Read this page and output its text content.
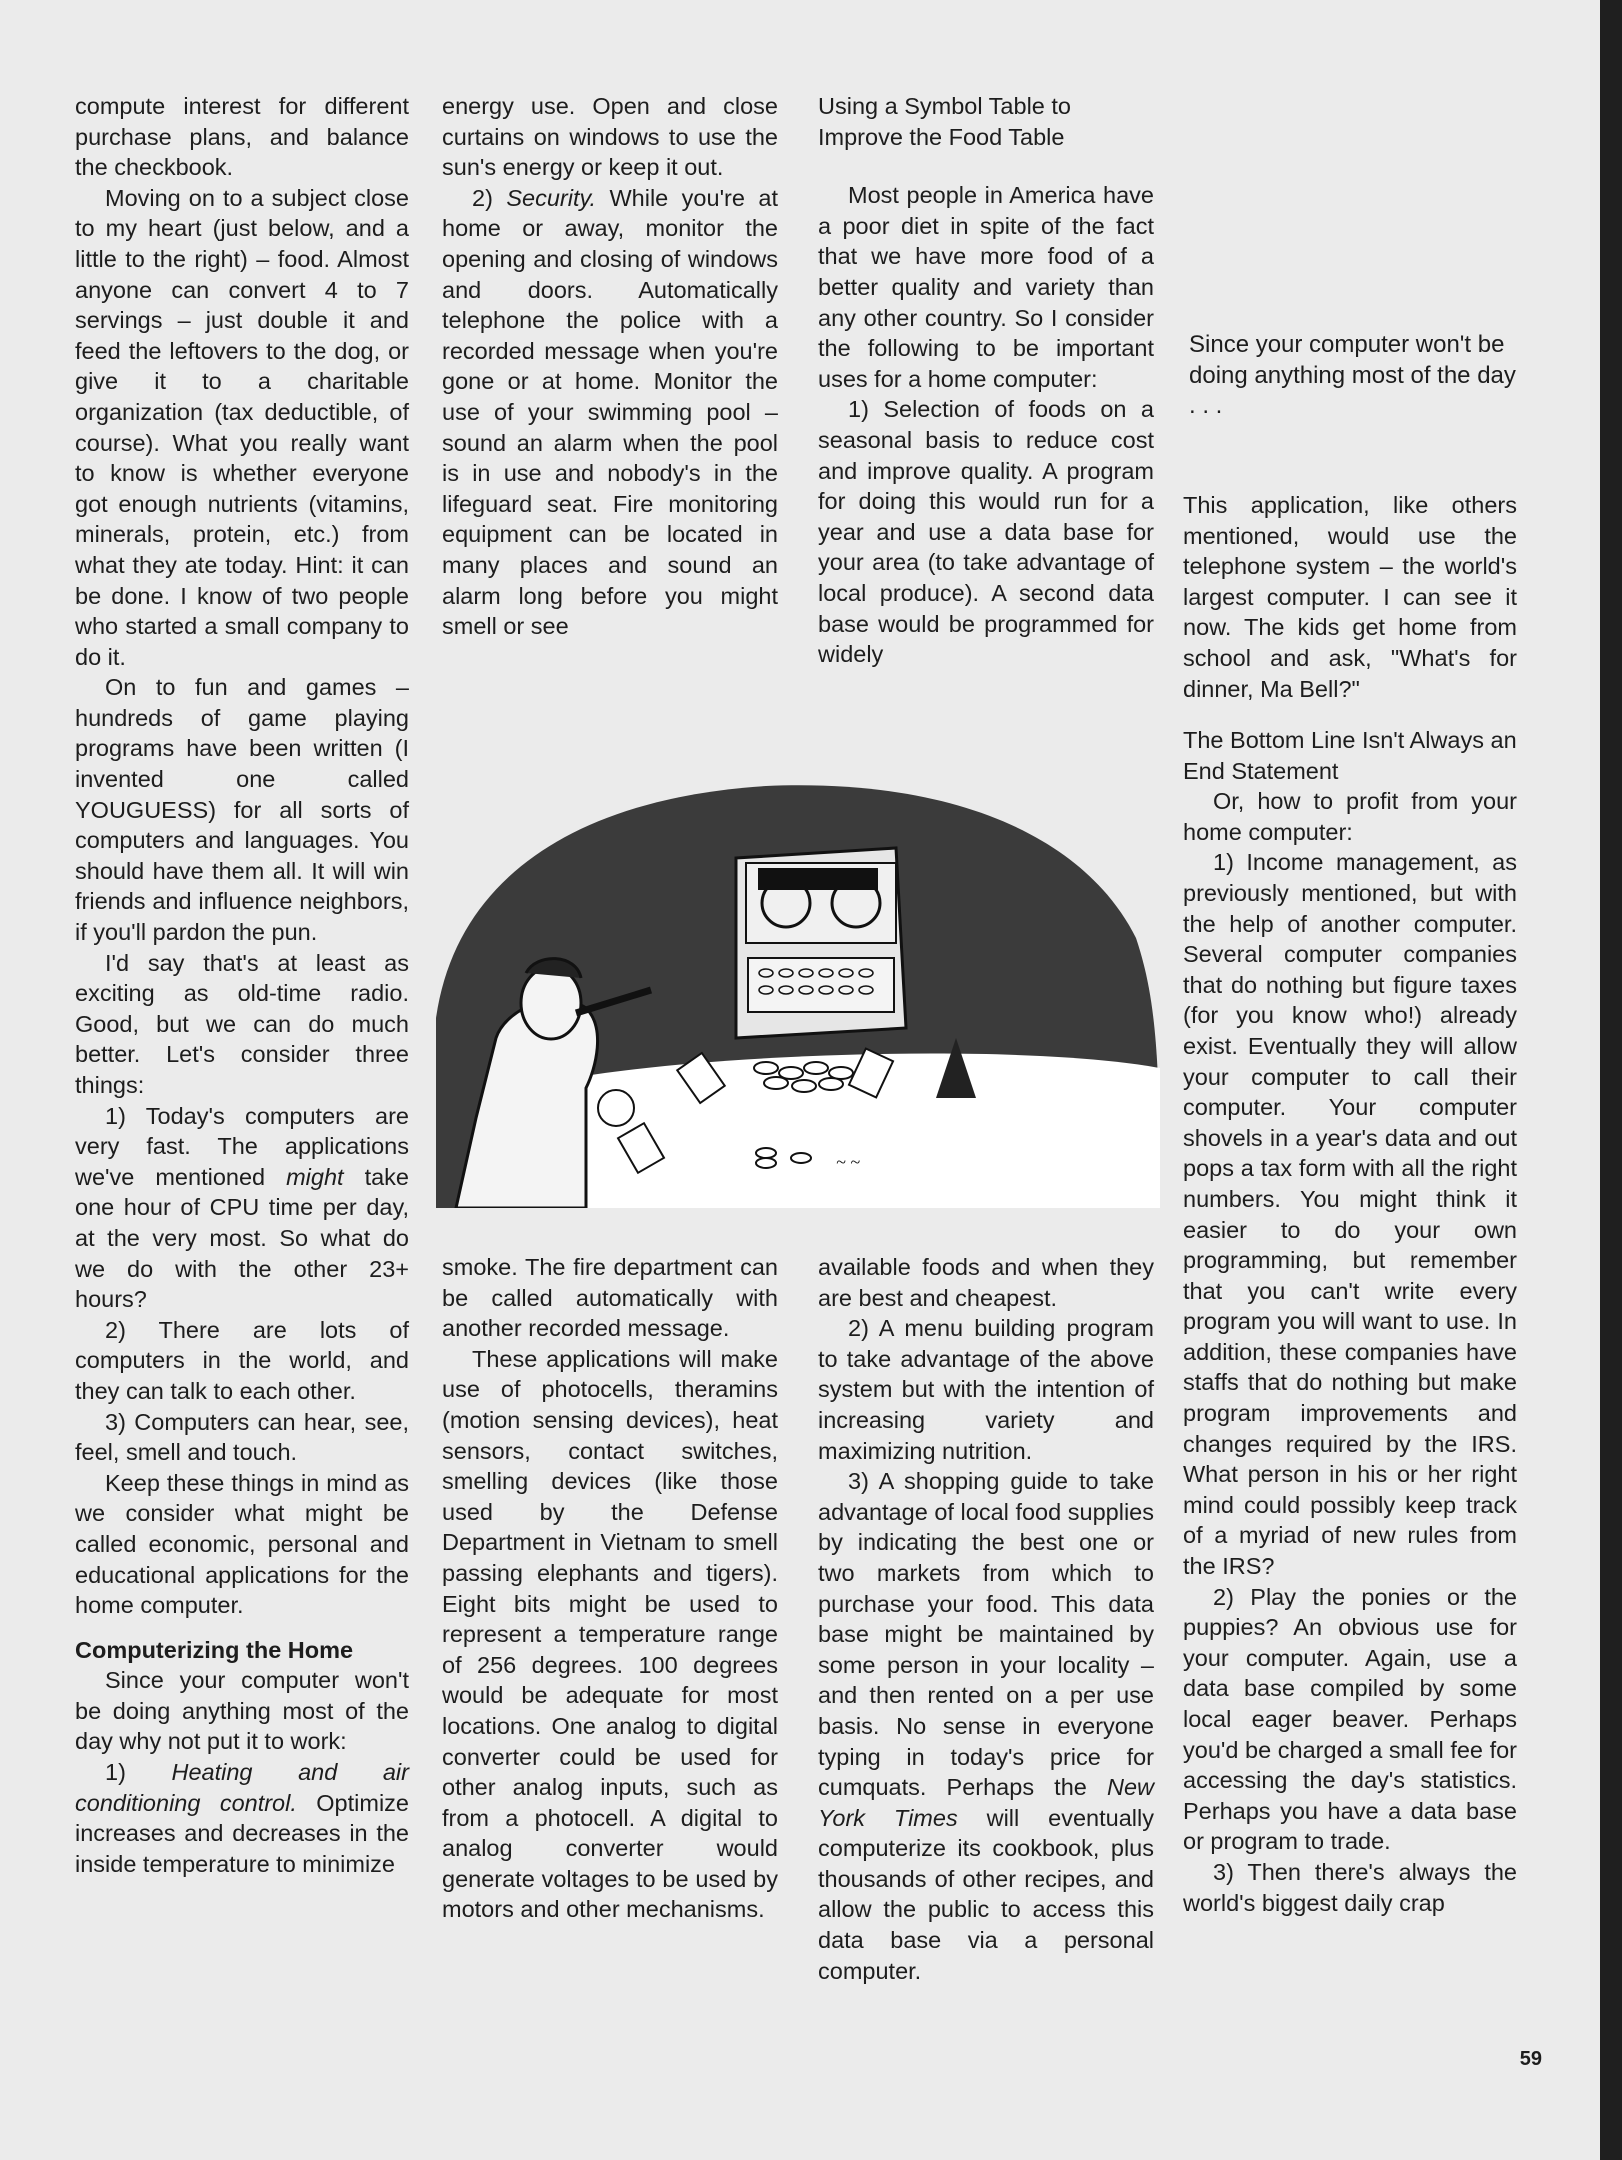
compute interest for different purchase plans, and balance the checkbook.

Moving on to a subject close to my heart (just below, and a little to the right) – food. Almost anyone can convert 4 to 7 servings – just double it and feed the leftovers to the dog, or give it to a charitable organization (tax deductible, of course). What you really want to know is whether everyone got enough nutrients (vitamins, minerals, protein, etc.) from what they ate today. Hint: it can be done. I know of two people who started a small company to do it.

On to fun and games – hundreds of game playing programs have been written (I invented one called YOUGUESS) for all sorts of computers and languages. You should have them all. It will win friends and influence neighbors, if you'll pardon the pun.

I'd say that's at least as exciting as old-time radio. Good, but we can do much better. Let's consider three things:

1) Today's computers are very fast. The applications we've mentioned might take one hour of CPU time per day, at the very most. So what do we do with the other 23+ hours?

2) There are lots of computers in the world, and they can talk to each other.

3) Computers can hear, see, feel, smell and touch.

Keep these things in mind as we consider what might be called economic, personal and educational applications for the home computer.

Computerizing the Home

Since your computer won't be doing anything most of the day why not put it to work:

1) Heating and air conditioning control. Optimize increases and decreases in the inside temperature to minimize

energy use. Open and close curtains on windows to use the sun's energy or keep it out.

2) Security. While you're at home or away, monitor the opening and closing of windows and doors. Automatically telephone the police with a recorded message when you're gone or at home. Monitor the use of your swimming pool – sound an alarm when the pool is in use and nobody's in the lifeguard seat. Fire monitoring equipment can be located in many places and sound an alarm long before you might smell or see

Using a Symbol Table to Improve the Food Table

Most people in America have a poor diet in spite of the fact that we have more food of a better quality and variety than any other country. So I consider the following to be important uses for a home computer:

1) Selection of foods on a seasonal basis to reduce cost and improve quality. A program for doing this would run for a year and use a data base for your area (to take advantage of local produce). A second data base would be programmed for widely

Since your computer won't be doing anything most of the day . . .

This application, like others mentioned, would use the telephone system – the world's largest computer. I can see it now. The kids get home from school and ask, "What's for dinner, Ma Bell?"

~ ~

smoke. The fire department can be called automatically with another recorded message.

These applications will make use of photocells, theramins (motion sensing devices), heat sensors, contact switches, smelling devices (like those used by the Defense Department in Vietnam to smell passing elephants and tigers). Eight bits might be used to represent a temperature range of 256 degrees. 100 degrees would be adequate for most locations. One analog to digital converter could be used for other analog inputs, such as from a photocell. A digital to analog converter would generate voltages to be used by motors and other mechanisms.

available foods and when they are best and cheapest.

2) A menu building program to take advantage of the above system but with the intention of increasing variety and maximizing nutrition.

3) A shopping guide to take advantage of local food supplies by indicating the best one or two markets from which to purchase your food. This data base might be maintained by some person in your locality – and then rented on a per use basis. No sense in everyone typing in today's price for cumquats. Perhaps the New York Times will eventually computerize its cookbook, plus thousands of other recipes, and allow the public to access this data base via a personal computer.

The Bottom Line Isn't Always an End Statement

Or, how to profit from your home computer:

1) Income management, as previously mentioned, but with the help of another computer. Several computer companies that do nothing but figure taxes (for you know who!) already exist. Eventually they will allow your computer to call their computer. Your computer shovels in a year's data and out pops a tax form with all the right numbers. You might think it easier to do your own programming, but remember that you can't write every program you will want to use. In addition, these companies have staffs that do nothing but make program improvements and changes required by the IRS. What person in his or her right mind could possibly keep track of a myriad of new rules from the IRS?

2) Play the ponies or the puppies? An obvious use for your computer. Again, use a data base compiled by some local eager beaver. Perhaps you'd be charged a small fee for accessing the day's statistics. Perhaps you have a data base or program to trade.

3) Then there's always the world's biggest daily crap

59
